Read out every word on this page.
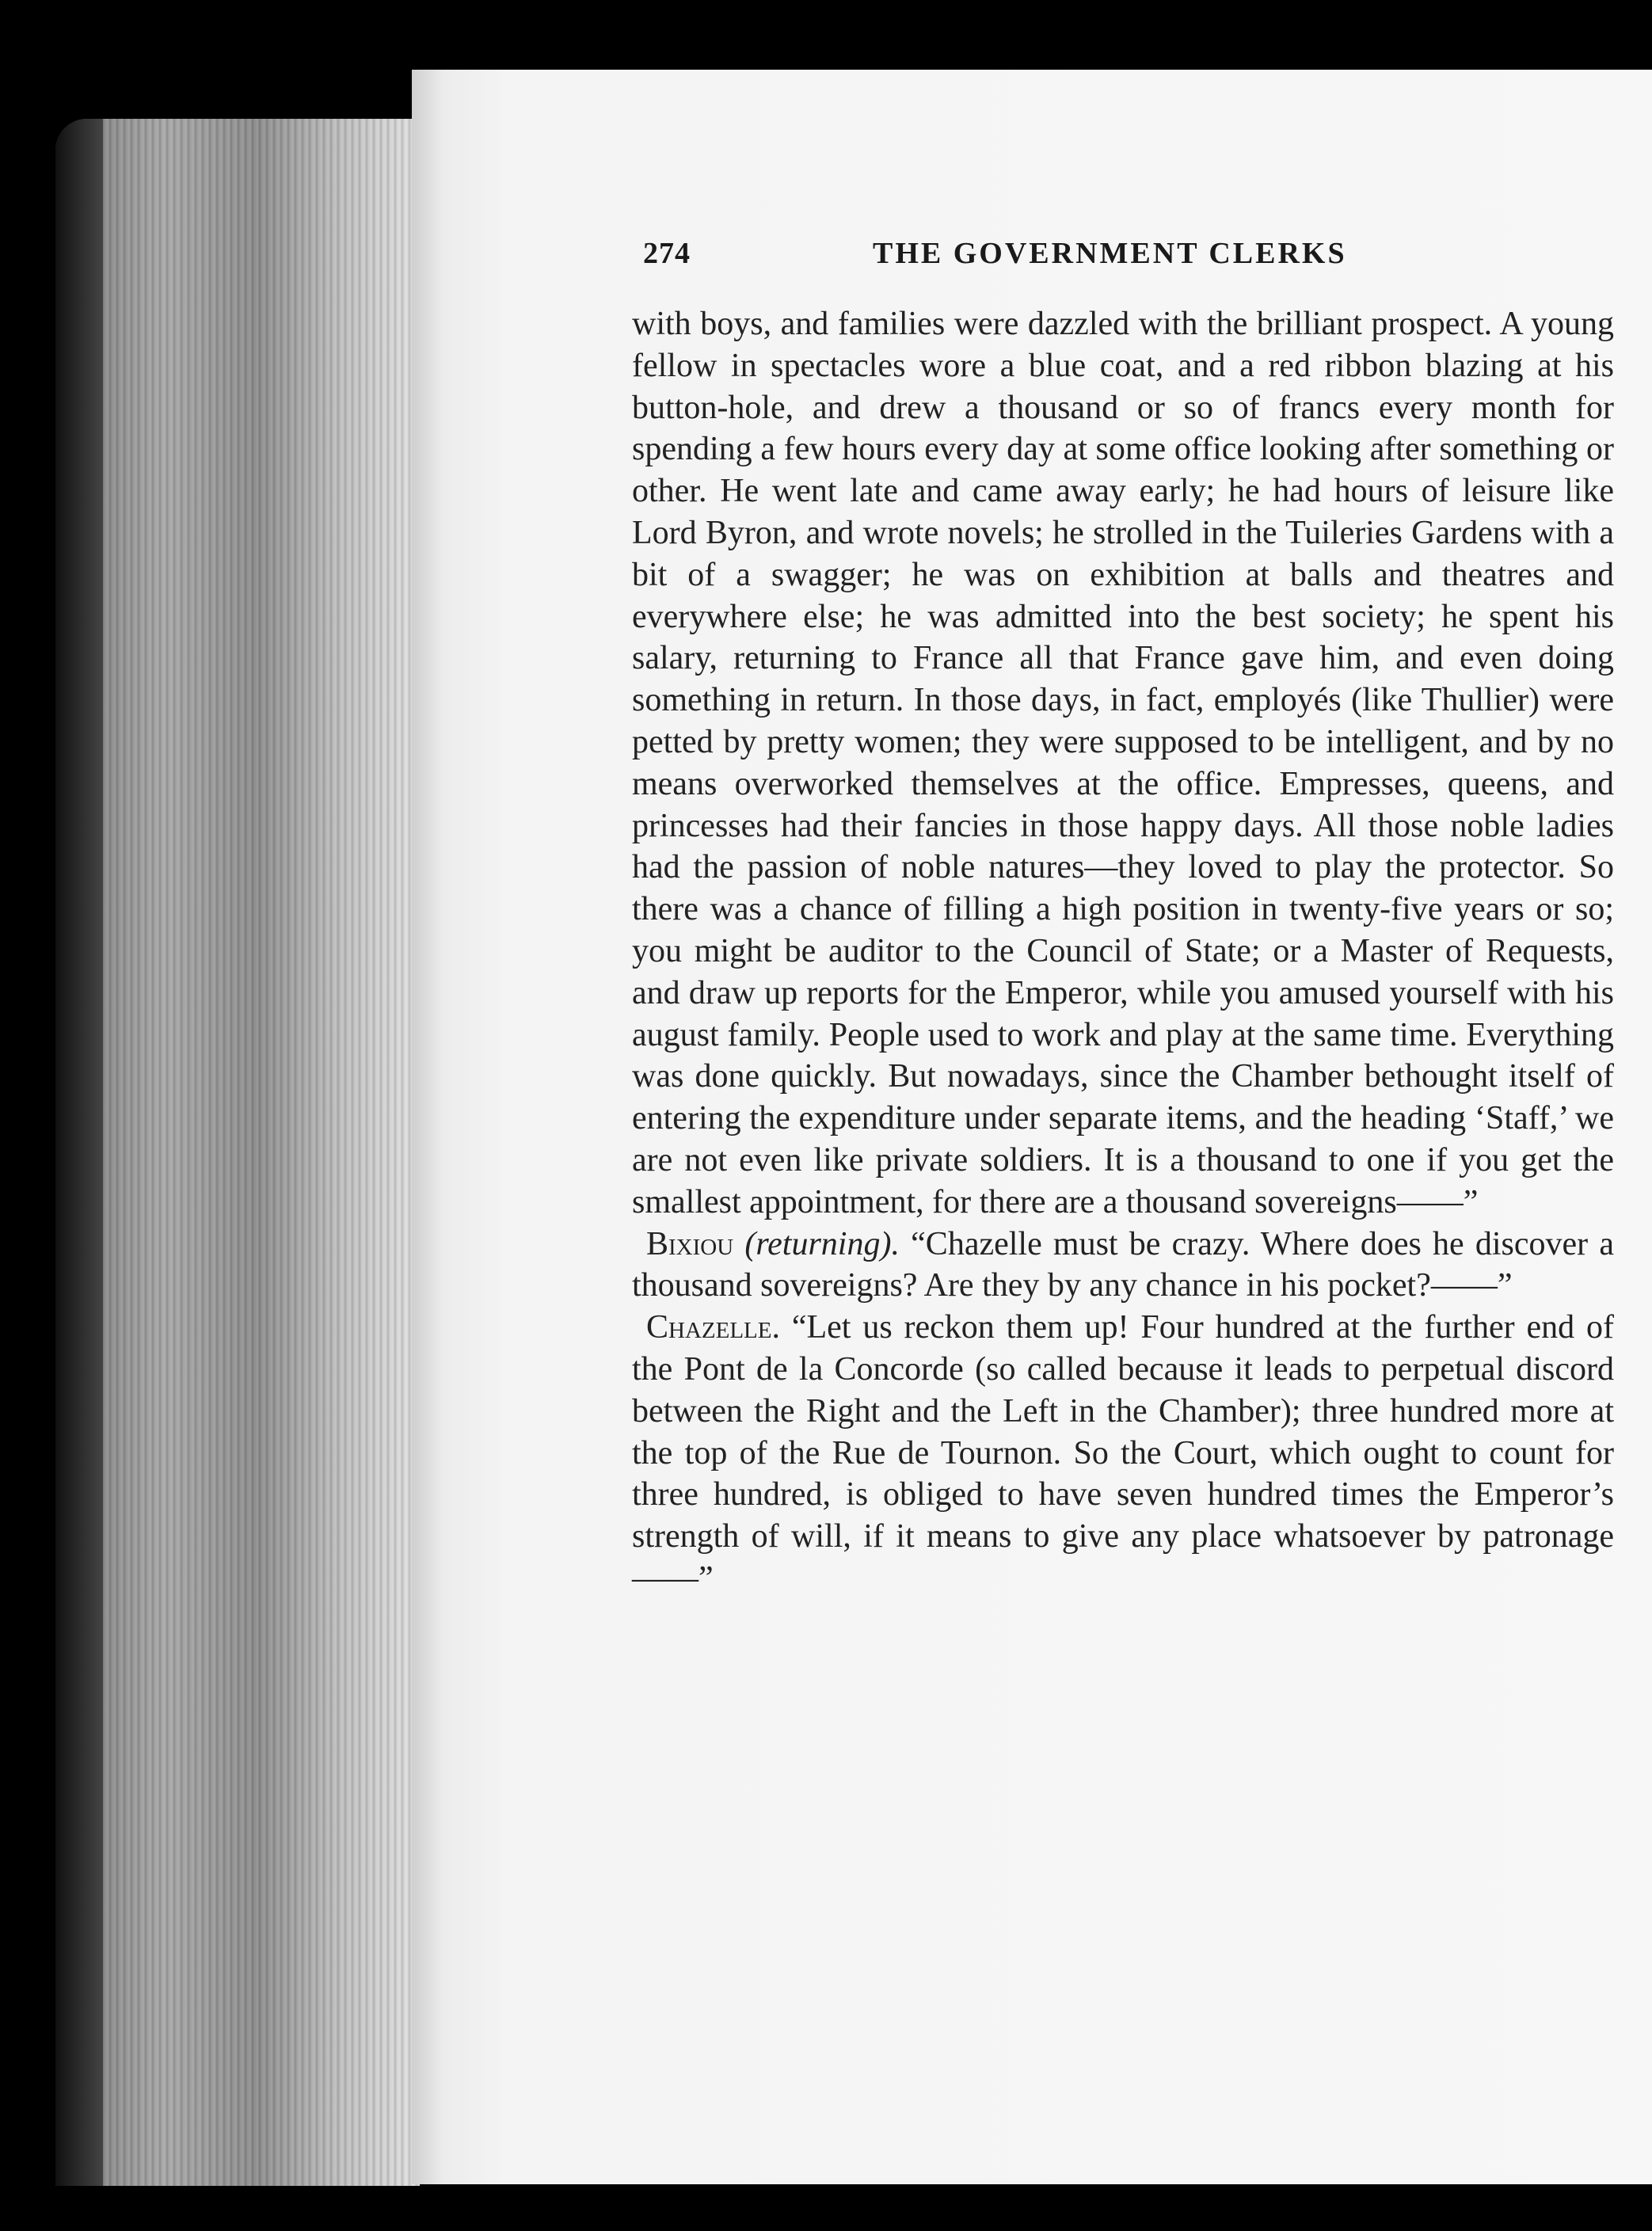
274	THE GOVERNMENT CLERKS

with boys, and families were dazzled with the brilliant prospect. A young fellow in spectacles wore a blue coat, and a red ribbon blazing at his button-hole, and drew a thousand or so of francs every month for spending a few hours every day at some office looking after something or other. He went late and came away early; he had hours of leisure like Lord Byron, and wrote novels; he strolled in the Tuileries Gardens with a bit of a swagger; he was on exhibition at balls and theatres and everywhere else; he was admitted into the best society; he spent his salary, returning to France all that France gave him, and even doing something in return. In those days, in fact, employés (like Thullier) were petted by pretty women; they were supposed to be intelligent, and by no means overworked themselves at the office. Empresses, queens, and princesses had their fancies in those happy days. All those noble ladies had the passion of noble natures—they loved to play the protector. So there was a chance of filling a high position in twenty-five years or so; you might be auditor to the Council of State; or a Master of Requests, and draw up reports for the Emperor, while you amused yourself with his august family. People used to work and play at the same time. Everything was done quickly. But nowadays, since the Chamber bethought itself of entering the expenditure under separate items, and the heading ‘Staff,’ we are not even like private soldiers. It is a thousand to one if you get the smallest appointment, for there are a thousand sovereigns——”

Bixiou (returning). “Chazelle must be crazy. Where does he discover a thousand sovereigns? Are they by any chance in his pocket?——”

Chazelle. “Let us reckon them up! Four hundred at the further end of the Pont de la Concorde (so called because it leads to perpetual discord between the Right and the Left in the Chamber); three hundred more at the top of the Rue de Tournon. So the Court, which ought to count for three hundred, is obliged to have seven hundred times the Emperor’s strength of will, if it means to give any place whatsoever by patronage——”
